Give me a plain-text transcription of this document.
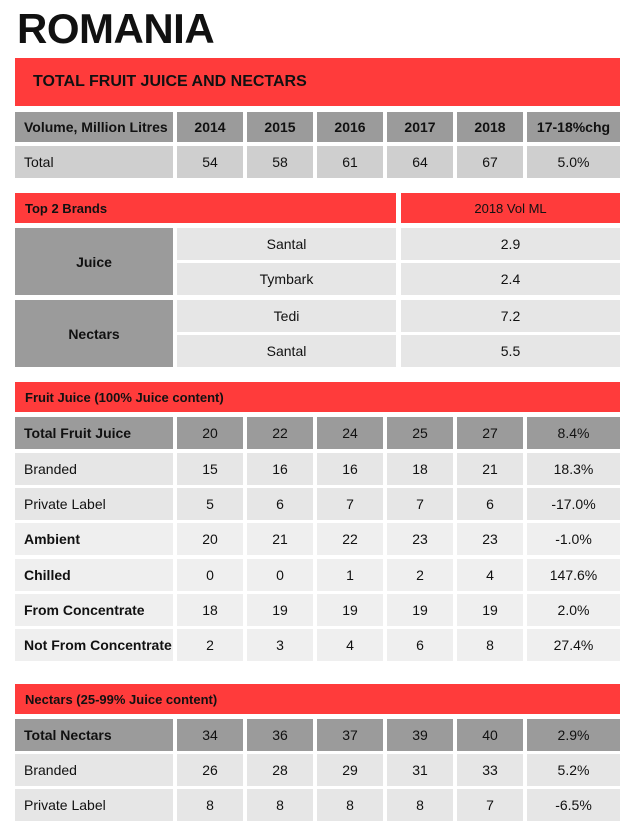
ROMANIA
TOTAL FRUIT JUICE AND NECTARS
Volume, Million Litres	2014	2015	2016	2017	2018	17-18%chg
Total	54	58	61	64	67	5.0%
Top 2 Brands	2018 Vol ML
Juice
Santal	2.9
Tymbark	2.4
Nectars
Tedi	7.2
Santal	5.5
Fruit Juice (100% Juice content)
Total Fruit Juice	20	22	24	25	27	8.4%
Branded	15	16	16	18	21	18.3%
Private Label	5	6	7	7	6	-17.0%
Ambient	20	21	22	23	23	-1.0%
Chilled	0	0	1	2	4	147.6%
From Concentrate	18	19	19	19	19	2.0%
Not From Concentrate	2	3	4	6	8	27.4%
Nectars (25-99% Juice content)
Total Nectars	34	36	37	39	40	2.9%
Branded	26	28	29	31	33	5.2%
Private Label	8	8	8	8	7	-6.5%
